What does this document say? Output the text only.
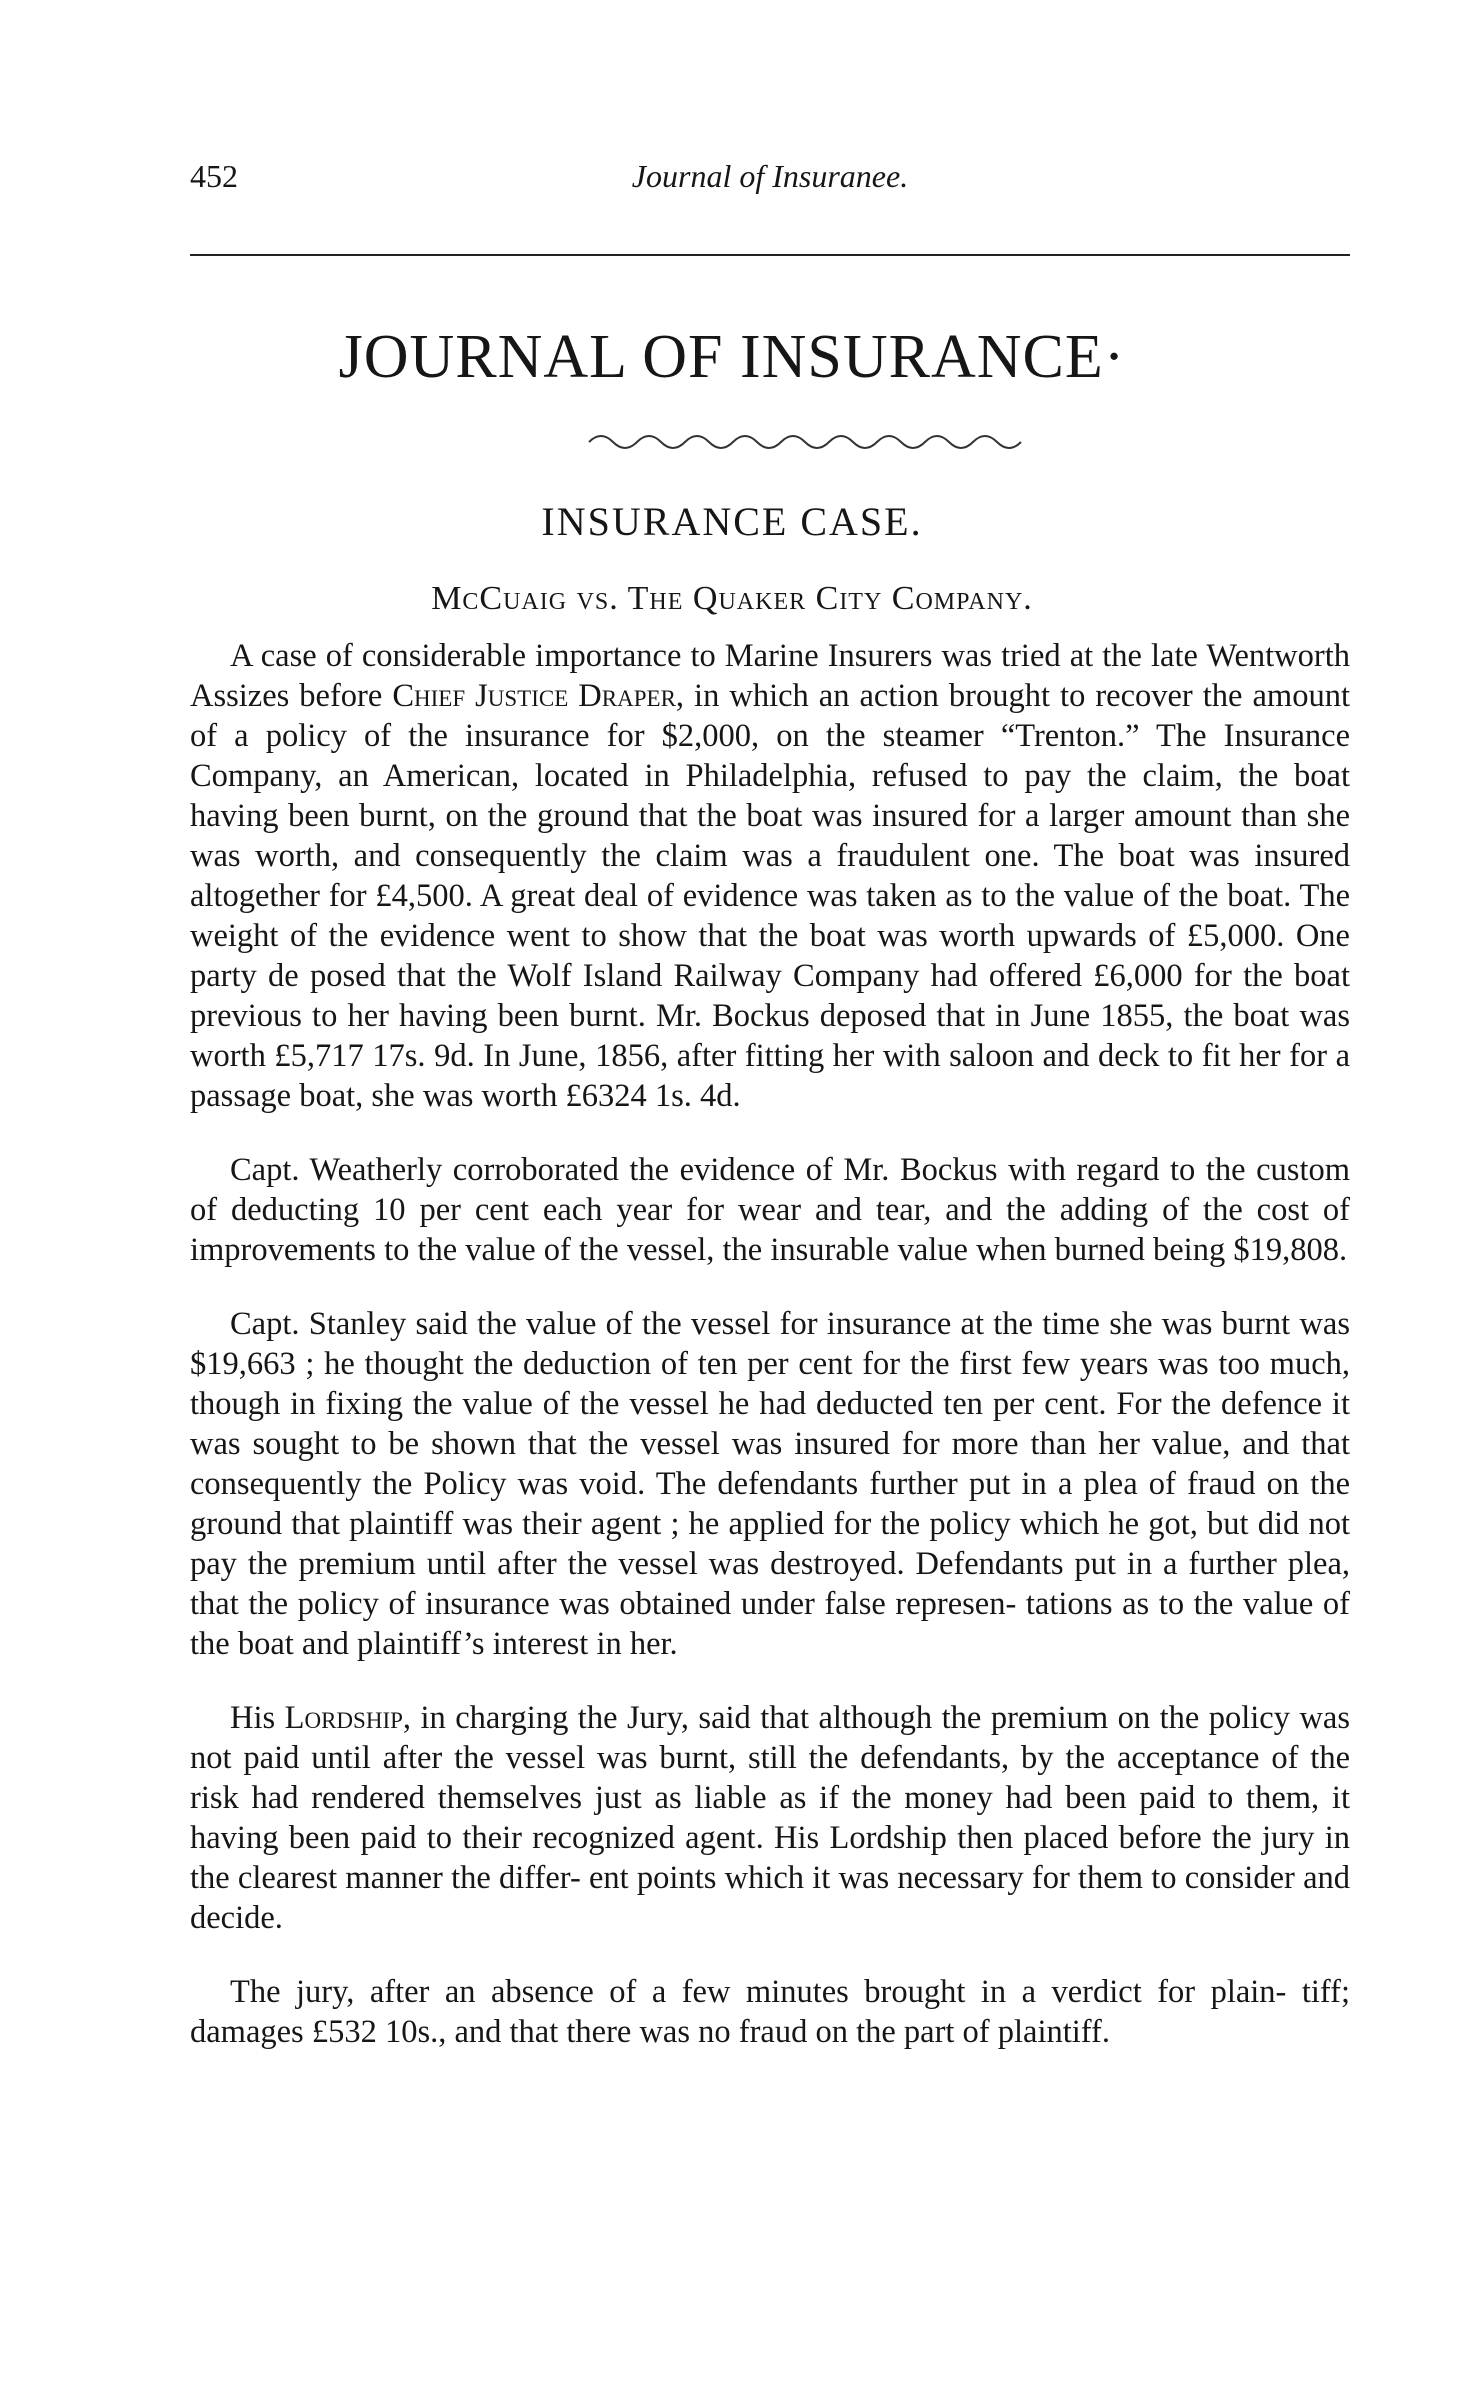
452	Journal of Insuranee.
JOURNAL OF INSURANCE·
INSURANCE CASE.
McCuaig vs. The Quaker City Company.

A case of considerable importance to Marine Insurers was tried at the late Wentworth Assizes before Chief Justice Draper, in which an action brought to recover the amount of a policy of the insurance for $2,000, on the steamer “Trenton.” The Insurance Company, an American, located in Philadelphia, refused to pay the claim, the boat having been burnt, on the ground that the boat was insured for a larger amount than she was worth, and consequently the claim was a fraudulent one. The boat was insured altogether for £4,500. A great deal of evidence was taken as to the value of the boat. The weight of the evidence went to show that the boat was worth upwards of £5,000. One party de posed that the Wolf Island Railway Company had offered £6,000 for the boat previous to her having been burnt. Mr. Bockus deposed that in June 1855, the boat was worth £5,717 17s. 9d. In June, 1856, after fitting her with saloon and deck to fit her for a passage boat, she was worth £6324 1s. 4d.

Capt. Weatherly corroborated the evidence of Mr. Bockus with regard to the custom of deducting 10 per cent each year for wear and tear, and the adding of the cost of improvements to the value of the vessel, the insurable value when burned being $19,808.

Capt. Stanley said the value of the vessel for insurance at the time she was burnt was $19,663 ; he thought the deduction of ten per cent for the first few years was too much, though in fixing the value of the vessel he had deducted ten per cent. For the defence it was sought to be shown that the vessel was insured for more than her value, and that consequently the Policy was void. The defendants further put in a plea of fraud on the ground that plaintiff was their agent ; he applied for the policy which he got, but did not pay the premium until after the vessel was destroyed. Defendants put in a further plea, that the policy of insurance was obtained under false represen- tations as to the value of the boat and plaintiff’s interest in her.

His Lordship, in charging the Jury, said that although the premium on the policy was not paid until after the vessel was burnt, still the defendants, by the acceptance of the risk had rendered themselves just as liable as if the money had been paid to them, it having been paid to their recognized agent. His Lordship then placed before the jury in the clearest manner the differ- ent points which it was necessary for them to consider and decide.

The jury, after an absence of a few minutes brought in a verdict for plain- tiff; damages £532 10s., and that there was no fraud on the part of plaintiff.
